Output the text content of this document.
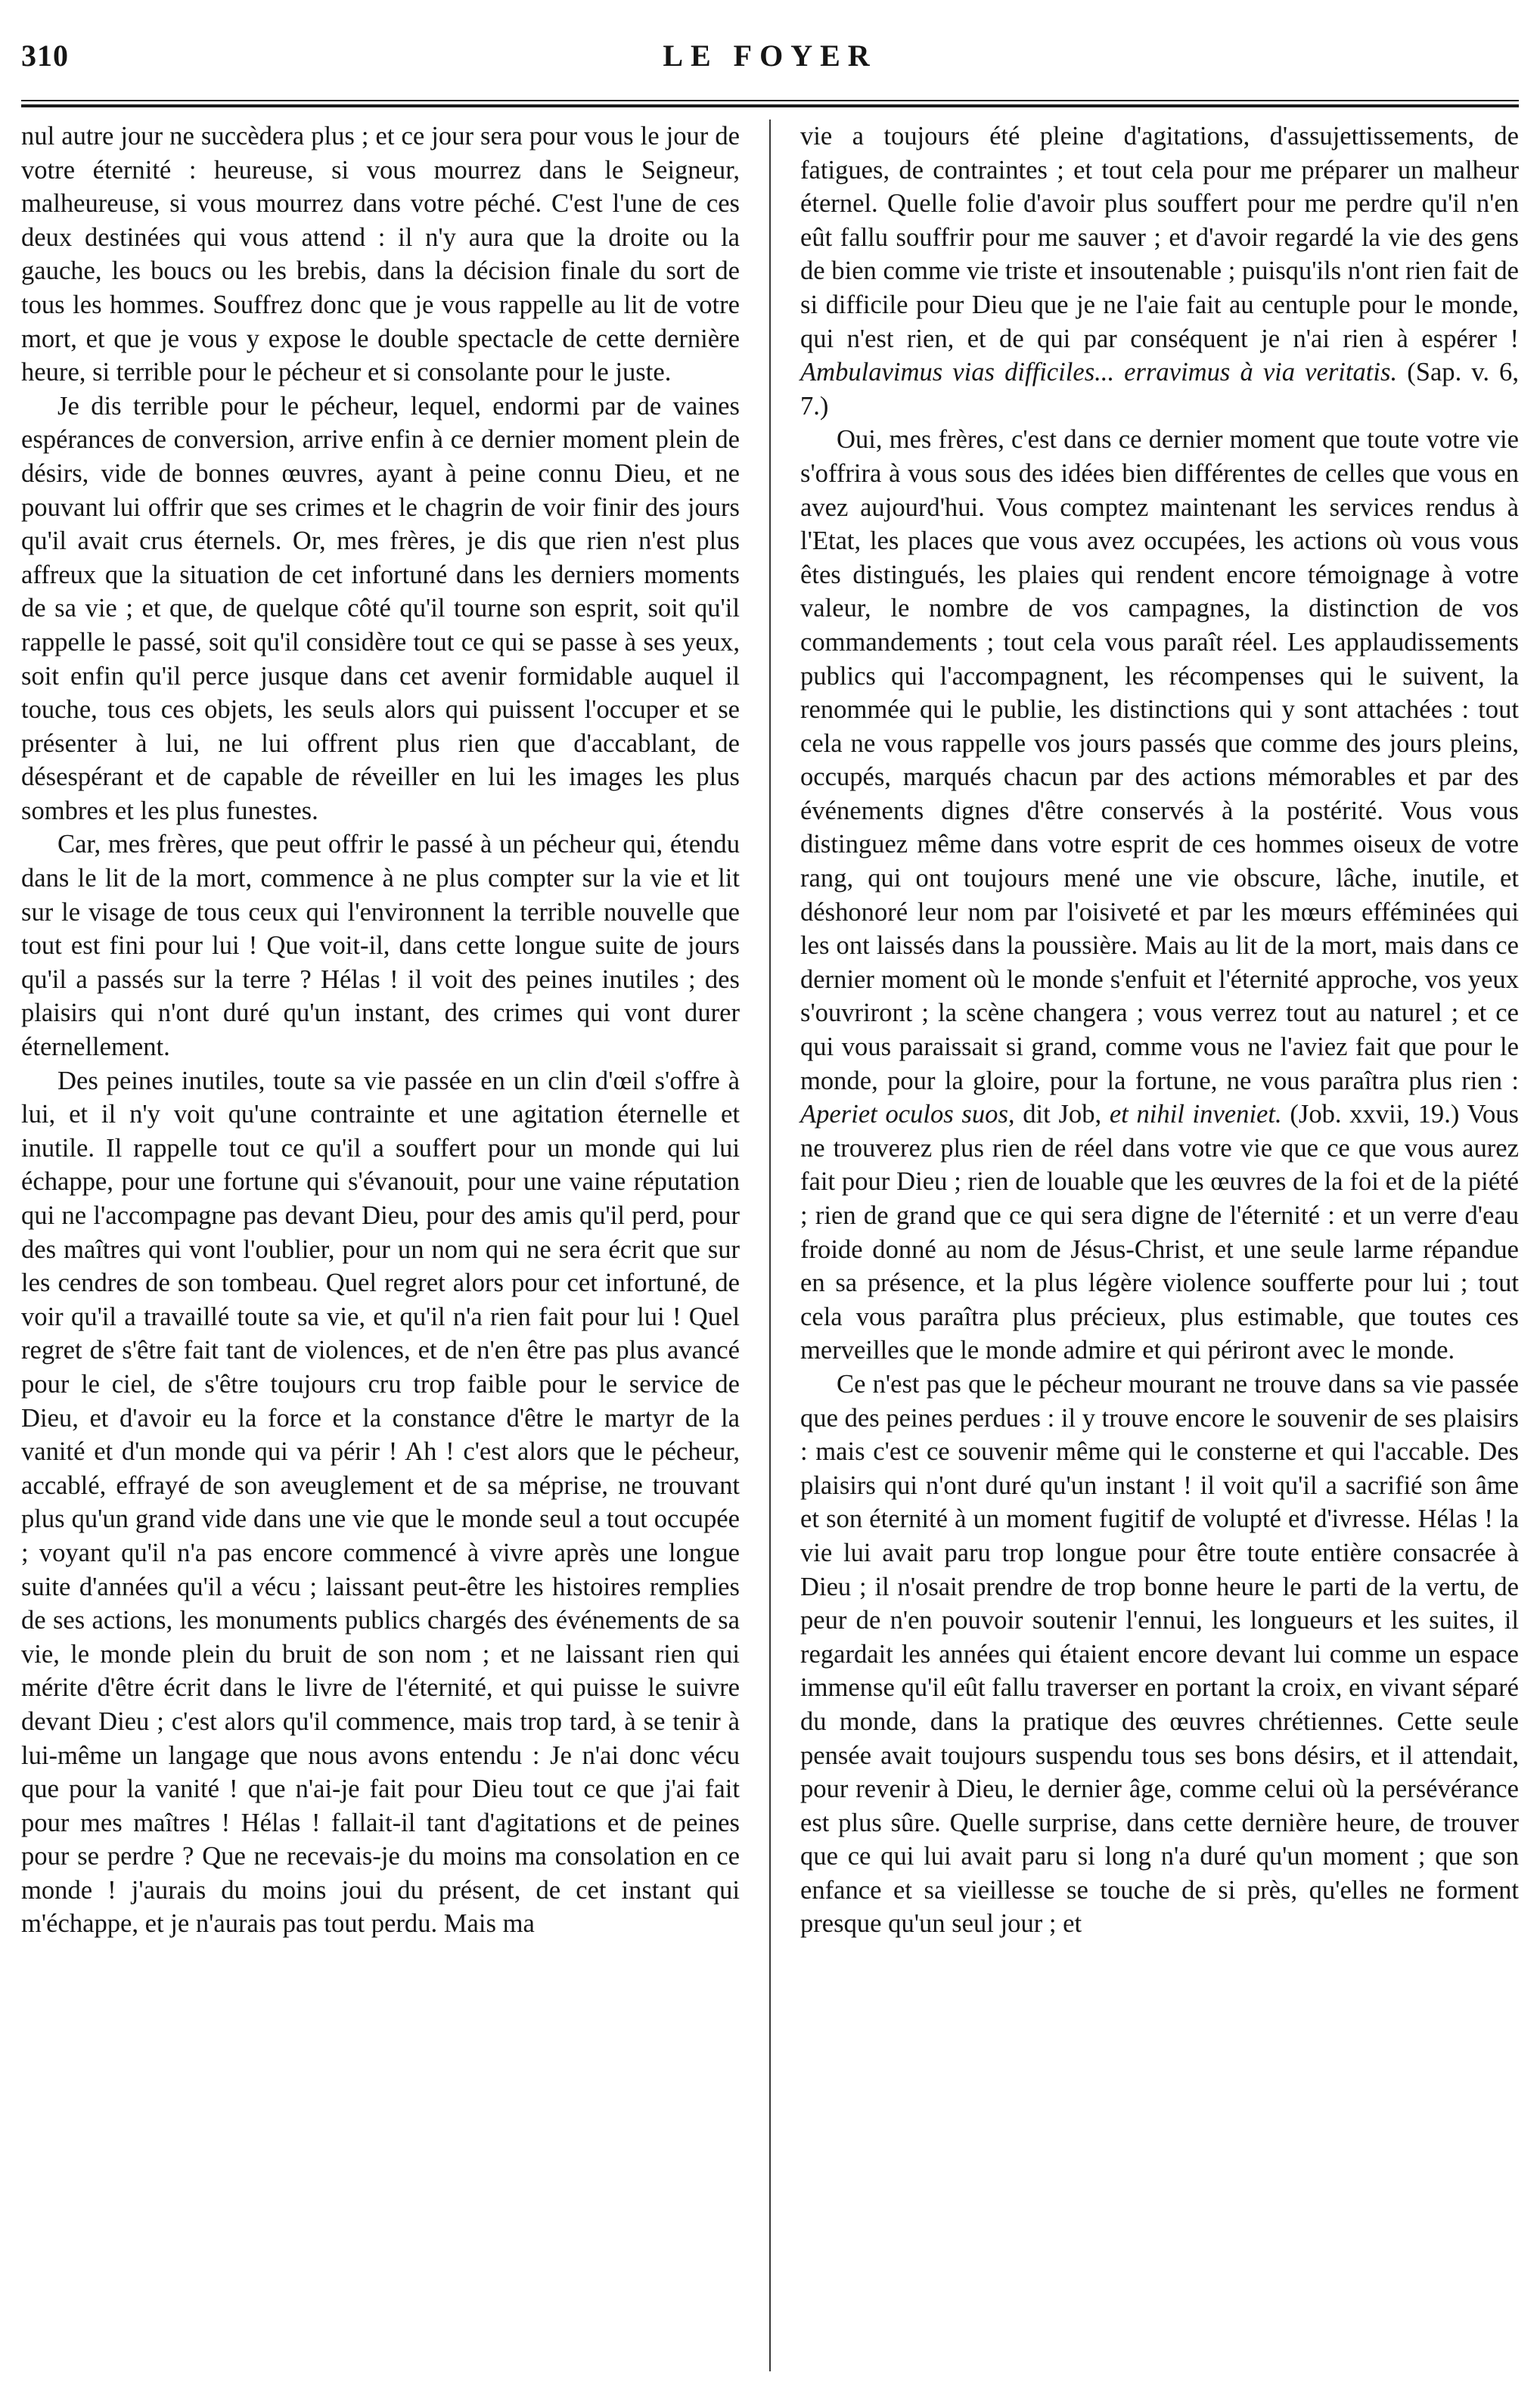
310	LE FOYER

nul autre jour ne succèdera plus ; et ce jour sera pour vous le jour de votre éternité : heureuse, si vous mourrez dans le Seigneur, malheureuse, si vous mourrez dans votre péché. C'est l'une de ces deux destinées qui vous attend : il n'y aura que la droite ou la gauche, les boucs ou les brebis, dans la décision finale du sort de tous les hommes. Souffrez donc que je vous rappelle au lit de votre mort, et que je vous y expose le double spectacle de cette dernière heure, si terrible pour le pécheur et si consolante pour le juste.

Je dis terrible pour le pécheur, lequel, endormi par de vaines espérances de conversion, arrive enfin à ce dernier moment plein de désirs, vide de bonnes œuvres, ayant à peine connu Dieu, et ne pouvant lui offrir que ses crimes et le chagrin de voir finir des jours qu'il avait crus éternels. Or, mes frères, je dis que rien n'est plus affreux que la situation de cet infortuné dans les derniers moments de sa vie ; et que, de quelque côté qu'il tourne son esprit, soit qu'il rappelle le passé, soit qu'il considère tout ce qui se passe à ses yeux, soit enfin qu'il perce jusque dans cet avenir formidable auquel il touche, tous ces objets, les seuls alors qui puissent l'occuper et se présenter à lui, ne lui offrent plus rien que d'accablant, de désespérant et de capable de réveiller en lui les images les plus sombres et les plus funestes.

Car, mes frères, que peut offrir le passé à un pécheur qui, étendu dans le lit de la mort, commence à ne plus compter sur la vie et lit sur le visage de tous ceux qui l'environnent la terrible nouvelle que tout est fini pour lui ! Que voit-il, dans cette longue suite de jours qu'il a passés sur la terre ? Hélas ! il voit des peines inutiles ; des plaisirs qui n'ont duré qu'un instant, des crimes qui vont durer éternellement.

Des peines inutiles, toute sa vie passée en un clin d'œil s'offre à lui, et il n'y voit qu'une contrainte et une agitation éternelle et inutile. Il rappelle tout ce qu'il a souffert pour un monde qui lui échappe, pour une fortune qui s'évanouit, pour une vaine réputation qui ne l'accompagne pas devant Dieu, pour des amis qu'il perd, pour des maîtres qui vont l'oublier, pour un nom qui ne sera écrit que sur les cendres de son tombeau. Quel regret alors pour cet infortuné, de voir qu'il a travaillé toute sa vie, et qu'il n'a rien fait pour lui ! Quel regret de s'être fait tant de violences, et de n'en être pas plus avancé pour le ciel, de s'être toujours cru trop faible pour le service de Dieu, et d'avoir eu la force et la constance d'être le martyr de la vanité et d'un monde qui va périr ! Ah ! c'est alors que le pécheur, accablé, effrayé de son aveuglement et de sa méprise, ne trouvant plus qu'un grand vide dans une vie que le monde seul a tout occupée ; voyant qu'il n'a pas encore commencé à vivre après une longue suite d'années qu'il a vécu ; laissant peut-être les histoires remplies de ses actions, les monuments publics chargés des événements de sa vie, le monde plein du bruit de son nom ; et ne laissant rien qui mérite d'être écrit dans le livre de l'éternité, et qui puisse le suivre devant Dieu ; c'est alors qu'il commence, mais trop tard, à se tenir à lui-même un langage que nous avons entendu : Je n'ai donc vécu que pour la vanité ! que n'ai-je fait pour Dieu tout ce que j'ai fait pour mes maîtres ! Hélas ! fallait-il tant d'agitations et de peines pour se perdre ? Que ne recevais-je du moins ma consolation en ce monde ! j'aurais du moins joui du présent, de cet instant qui m'échappe, et je n'aurais pas tout perdu. Mais ma

vie a toujours été pleine d'agitations, d'assujettissements, de fatigues, de contraintes ; et tout cela pour me préparer un malheur éternel. Quelle folie d'avoir plus souffert pour me perdre qu'il n'en eût fallu souffrir pour me sauver ; et d'avoir regardé la vie des gens de bien comme vie triste et insoutenable ; puisqu'ils n'ont rien fait de si difficile pour Dieu que je ne l'aie fait au centuple pour le monde, qui n'est rien, et de qui par conséquent je n'ai rien à espérer ! Ambulavimus vias difficiles... erravimus à via veritatis. (Sap. v. 6, 7.)

Oui, mes frères, c'est dans ce dernier moment que toute votre vie s'offrira à vous sous des idées bien différentes de celles que vous en avez aujourd'hui. Vous comptez maintenant les services rendus à l'Etat, les places que vous avez occupées, les actions où vous vous êtes distingués, les plaies qui rendent encore témoignage à votre valeur, le nombre de vos campagnes, la distinction de vos commandements ; tout cela vous paraît réel. Les applaudissements publics qui l'accompagnent, les récompenses qui le suivent, la renommée qui le publie, les distinctions qui y sont attachées : tout cela ne vous rappelle vos jours passés que comme des jours pleins, occupés, marqués chacun par des actions mémorables et par des événements dignes d'être conservés à la postérité. Vous vous distinguez même dans votre esprit de ces hommes oiseux de votre rang, qui ont toujours mené une vie obscure, lâche, inutile, et déshonoré leur nom par l'oisiveté et par les mœurs efféminées qui les ont laissés dans la poussière. Mais au lit de la mort, mais dans ce dernier moment où le monde s'enfuit et l'éternité approche, vos yeux s'ouvriront ; la scène changera ; vous verrez tout au naturel ; et ce qui vous paraissait si grand, comme vous ne l'aviez fait que pour le monde, pour la gloire, pour la fortune, ne vous paraîtra plus rien : Aperiet oculos suos, dit Job, et nihil inveniet. (Job. xxvii, 19.) Vous ne trouverez plus rien de réel dans votre vie que ce que vous aurez fait pour Dieu ; rien de louable que les œuvres de la foi et de la piété ; rien de grand que ce qui sera digne de l'éternité : et un verre d'eau froide donné au nom de Jésus-Christ, et une seule larme répandue en sa présence, et la plus légère violence soufferte pour lui ; tout cela vous paraîtra plus précieux, plus estimable, que toutes ces merveilles que le monde admire et qui périront avec le monde.

Ce n'est pas que le pécheur mourant ne trouve dans sa vie passée que des peines perdues : il y trouve encore le souvenir de ses plaisirs : mais c'est ce souvenir même qui le consterne et qui l'accable. Des plaisirs qui n'ont duré qu'un instant ! il voit qu'il a sacrifié son âme et son éternité à un moment fugitif de volupté et d'ivresse. Hélas ! la vie lui avait paru trop longue pour être toute entière consacrée à Dieu ; il n'osait prendre de trop bonne heure le parti de la vertu, de peur de n'en pouvoir soutenir l'ennui, les longueurs et les suites, il regardait les années qui étaient encore devant lui comme un espace immense qu'il eût fallu traverser en portant la croix, en vivant séparé du monde, dans la pratique des œuvres chrétiennes. Cette seule pensée avait toujours suspendu tous ses bons désirs, et il attendait, pour revenir à Dieu, le dernier âge, comme celui où la persévérance est plus sûre. Quelle surprise, dans cette dernière heure, de trouver que ce qui lui avait paru si long n'a duré qu'un moment ; que son enfance et sa vieillesse se touche de si près, qu'elles ne forment presque qu'un seul jour ; et
